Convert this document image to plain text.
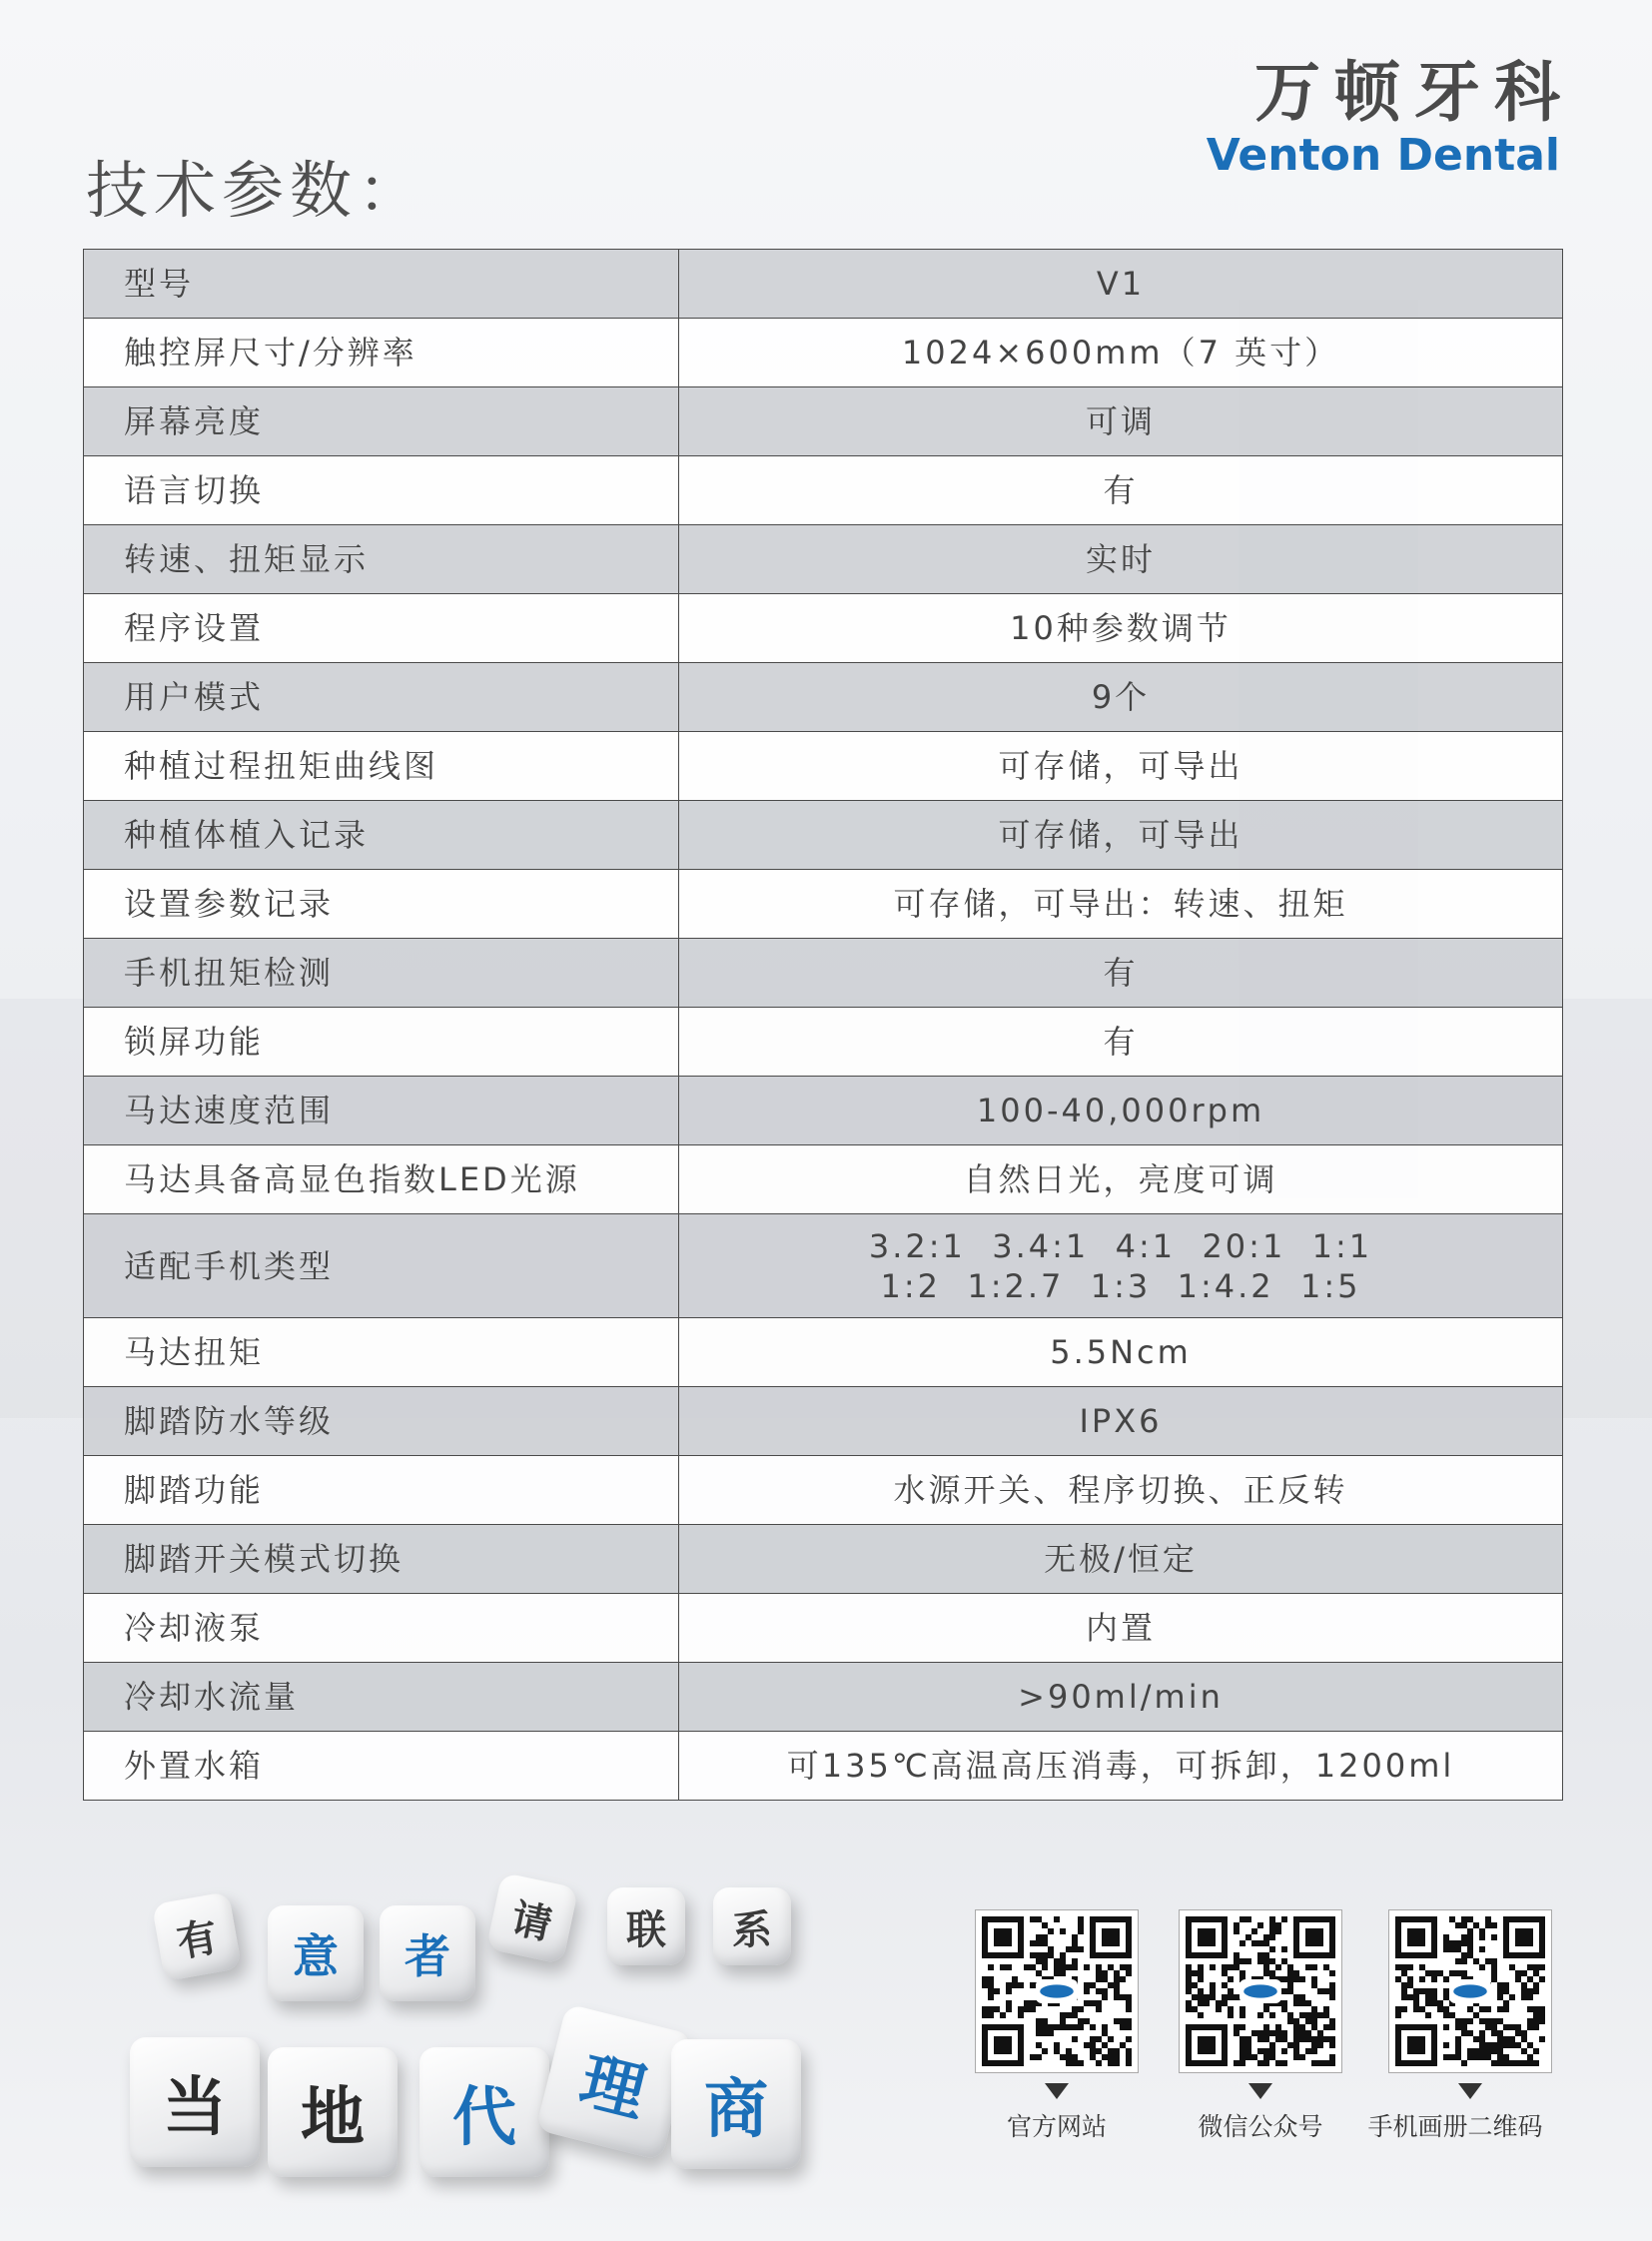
万顿牙科
Venton Dental
技术参数：
型号	V1

触控屏尺寸/分辨率	1024×600mm（7 英寸）

屏幕亮度	可调

语言切换	有

转速、扭矩显示	实时

程序设置	10种参数调节

用户模式	9个

种植过程扭矩曲线图	可存储，可导出

种植体植入记录	可存储，可导出

设置参数记录	可存储，可导出：转速、扭矩

手机扭矩检测	有

锁屏功能	有

马达速度范围	100-40,000rpm

马达具备高显色指数LED光源	自然日光，亮度可调

适配手机类型	3.2:1  3.4:1  4:1  20:1  1:1
1:2  1:2.7  1:3  1:4.2  1:5

马达扭矩	5.5Ncm

脚踏防水等级	IPX6

脚踏功能	水源开关、程序切换、正反转

脚踏开关模式切换	无极/恒定

冷却液泵	内置

冷却水流量	>90ml/min

外置水箱	可135℃高温高压消毒，可拆卸，1200ml
有	意	者
请	联	系
当	地	代 理 商	官方网站	微信公众号	手机画册二维码
